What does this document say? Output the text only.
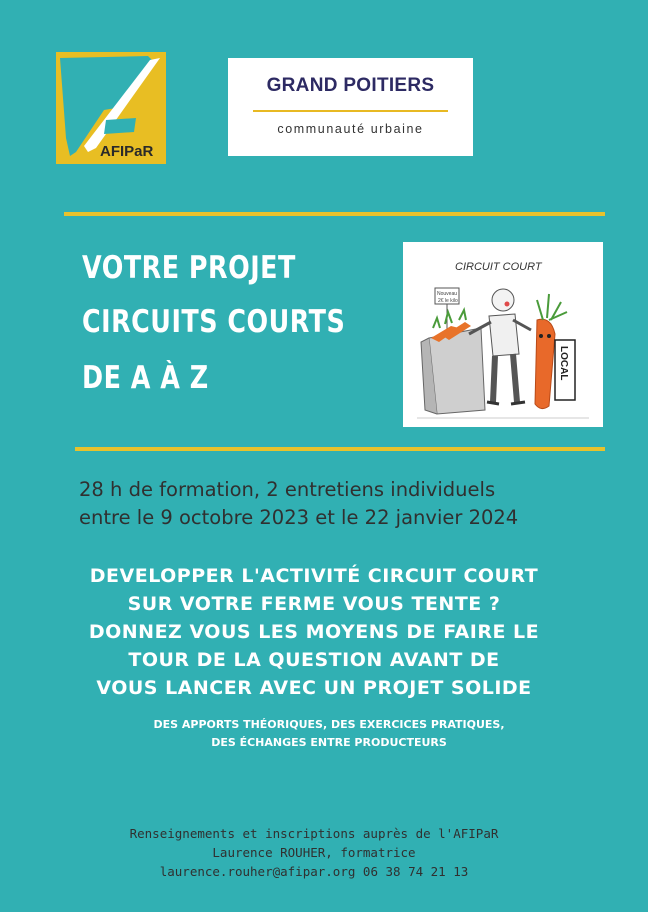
AFIPaR
GRAND POITIERS
communauté urbaine
VOTRE PROJET
CIRCUITS COURTS
DE A À Z
CIRCUIT COURT
Nouveau
2€ le kilo
LOCAL
28 h de formation, 2 entretiens individuels
entre le 9 octobre 2023 et le 22 janvier 2024
DEVELOPPER L'ACTIVITÉ CIRCUIT COURT
SUR VOTRE FERME VOUS TENTE ?
DONNEZ VOUS LES MOYENS DE FAIRE LE
TOUR DE LA QUESTION AVANT DE
VOUS LANCER AVEC UN PROJET SOLIDE
DES APPORTS THÉORIQUES, DES EXERCICES PRATIQUES,
DES ÉCHANGES ENTRE PRODUCTEURS
Renseignements et inscriptions auprès de l'AFIPaR
Laurence ROUHER, formatrice
laurence.rouher@afipar.org 06 38 74 21 13
